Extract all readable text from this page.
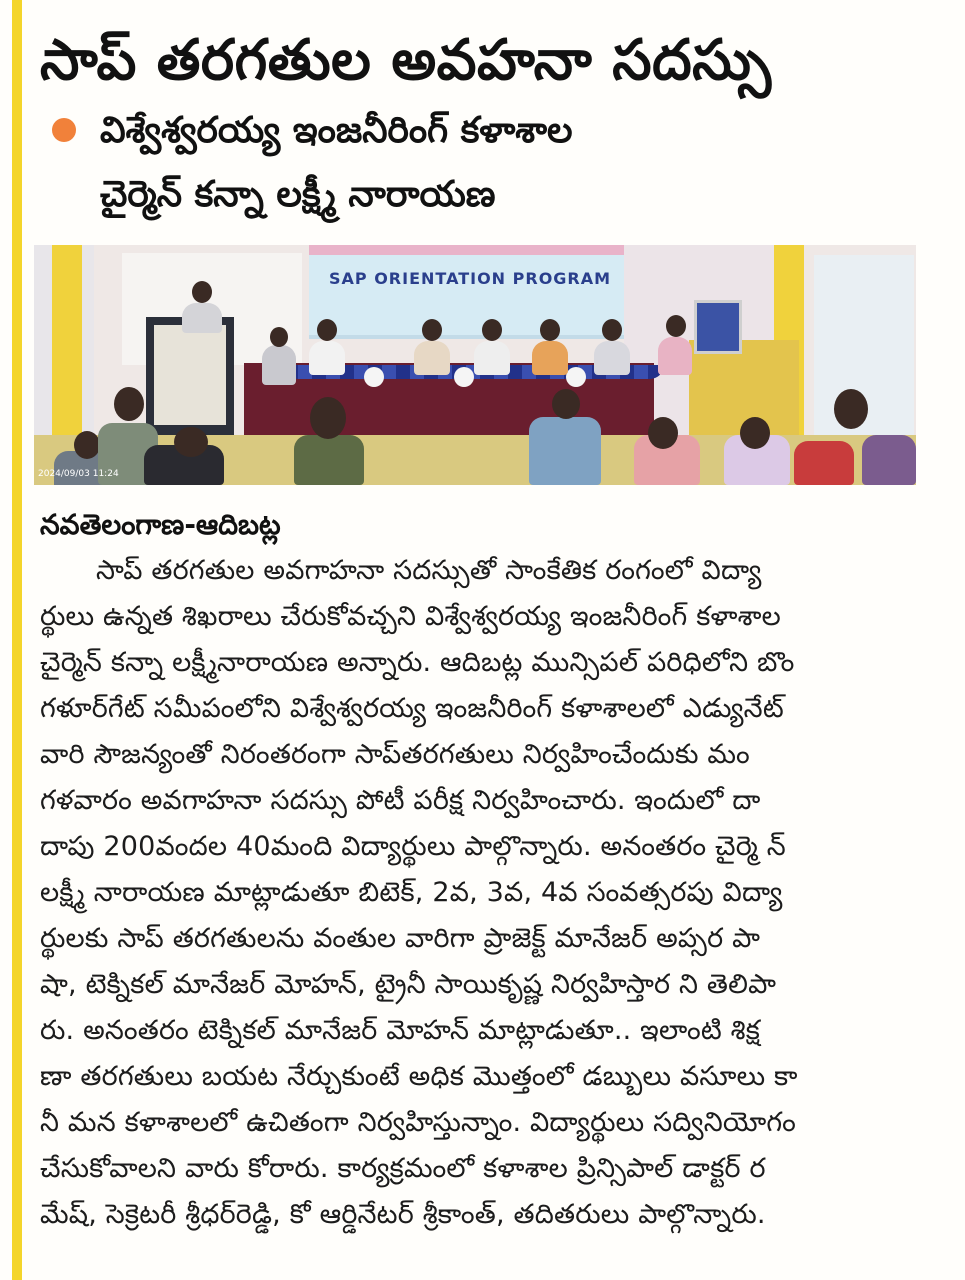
సాప్ తరగతుల అవహనా సదస్సు
విశ్వేశ్వరయ్య ఇంజనీరింగ్ కళాశాల
చైర్మెన్ కన్నా లక్ష్మీ నారాయణ
SAP ORIENTATION PROGRAM
2024/09/03 11:24
నవతెలంగాణ-ఆదిబట్ల
సాప్ తరగతుల అవగాహనా సదస్సుతో సాంకేతిక రంగంలో విద్యా
ర్థులు ఉన్నత శిఖరాలు చేరుకోవచ్చని విశ్వేశ్వరయ్య ఇంజనీరింగ్ కళాశాల
చైర్మెన్ కన్నా లక్ష్మీనారాయణ అన్నారు. ఆదిబట్ల మున్సిపల్ పరిధిలోని బొం
గళూర్‌గేట్ సమీపంలోని విశ్వేశ్వరయ్య ఇంజనీరింగ్ కళాశాలలో ఎడ్యునేట్
వారి సౌజన్యంతో నిరంతరంగా సాప్‌తరగతులు నిర్వహించేందుకు మం
గళవారం అవగాహనా సదస్సు పోటీ పరీక్ష నిర్వహించారు. ఇందులో దా
దాపు 200వందల 40మంది విద్యార్థులు పాల్గొన్నారు. అనంతరం చైర్మె న్
లక్ష్మీ నారాయణ మాట్లాడుతూ బిటెక్, 2వ, 3వ, 4వ సంవత్సరపు విద్యా
ర్థులకు సాప్ తరగతులను వంతుల వారిగా ప్రాజెక్ట్ మానేజర్ అప్సర పా
షా, టెక్నికల్ మానేజర్ మోహన్, ట్రైనీ సాయికృష్ణ నిర్వహిస్తార ని తెలిపా
రు. అనంతరం టెక్నికల్ మానేజర్ మోహన్ మాట్లాడుతూ.. ఇలాంటి శిక్ష
ణా తరగతులు బయట నేర్చుకుంటే అధిక మొత్తంలో డబ్బులు వసూలు కా
నీ మన కళాశాలలో ఉచితంగా నిర్వహిస్తున్నాం. విద్యార్థులు సద్వినియోగం
చేసుకోవాలని వారు కోరారు. కార్యక్రమంలో కళాశాల ప్రిన్సిపాల్ డాక్టర్ ర
మేష్, సెక్రెటరీ శ్రీధర్‌రెడ్డి, కో ఆర్డినేటర్ శ్రీకాంత్, తదితరులు పాల్గొన్నారు.
